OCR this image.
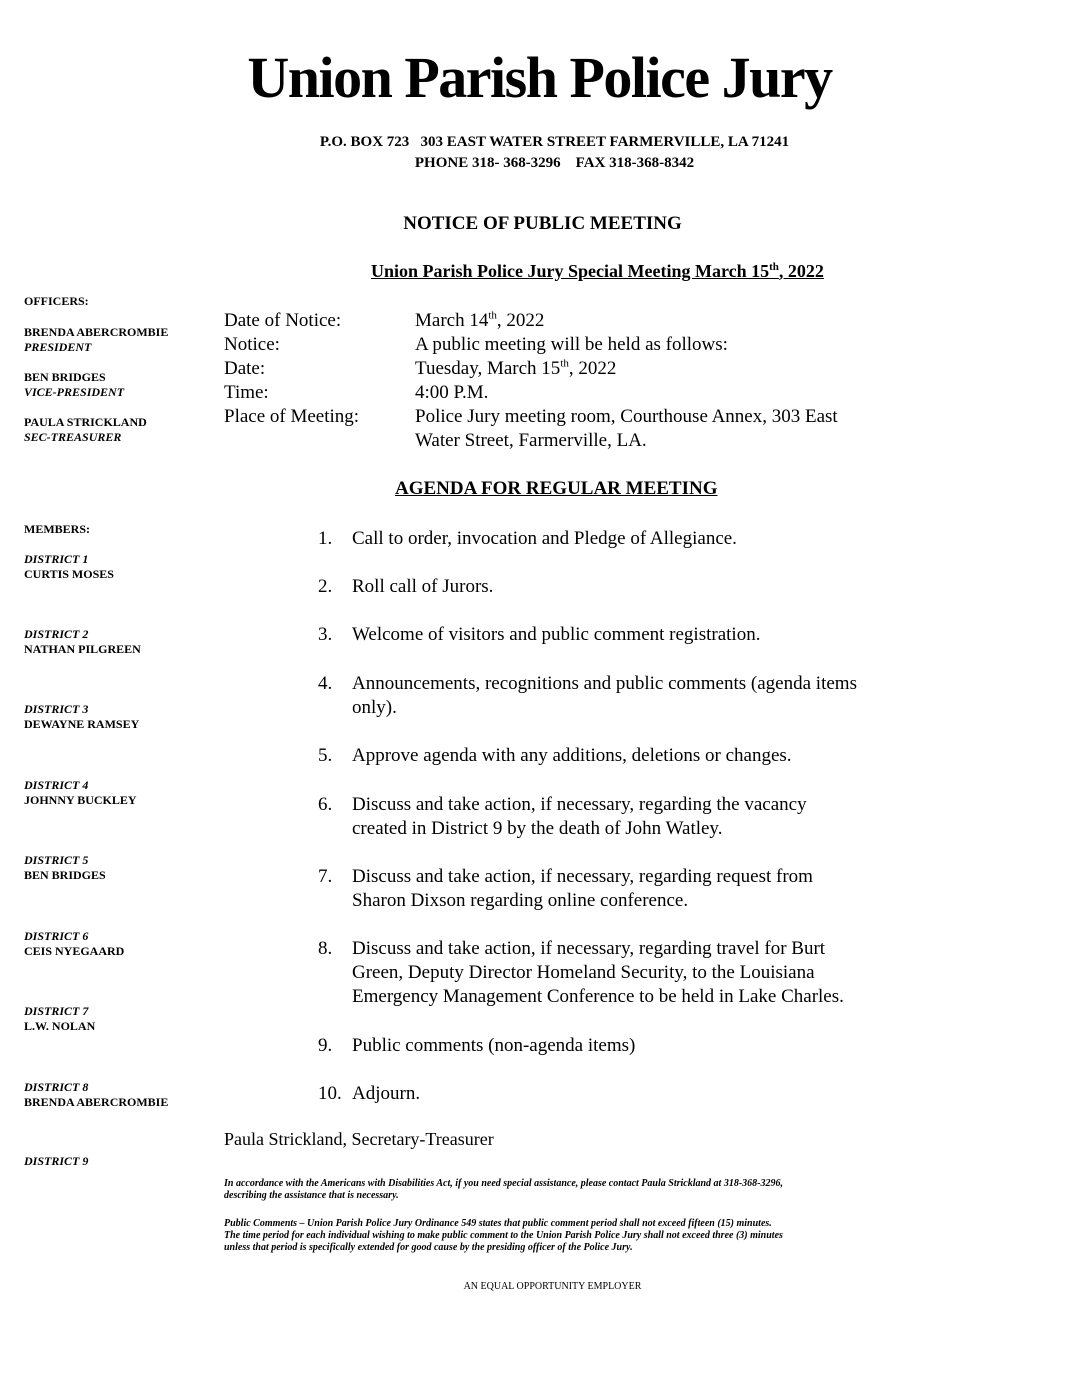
Union Parish Police Jury
P.O. BOX 723   303 EAST WATER STREET FARMERVILLE, LA 71241
PHONE 318- 368-3296    FAX 318-368-8342
NOTICE OF PUBLIC MEETING
Union Parish Police Jury Special Meeting March 15th, 2022
OFFICERS:
BRENDA ABERCROMBIE
PRESIDENT
BEN BRIDGES
VICE-PRESIDENT
PAULA STRICKLAND
SEC-TREASURER
MEMBERS:
DISTRICT 1
CURTIS MOSES
DISTRICT 2
NATHAN PILGREEN
DISTRICT 3
DEWAYNE RAMSEY
DISTRICT 4
JOHNNY BUCKLEY
DISTRICT 5
BEN BRIDGES
DISTRICT 6
CEIS NYEGAARD
DISTRICT 7
L.W. NOLAN
DISTRICT 8
BRENDA ABERCROMBIE
DISTRICT 9
Date of Notice:	March 14th, 2022
Notice:	A public meeting will be held as follows:
Date:	Tuesday, March 15th, 2022
Time:	4:00 P.M.
Place of Meeting:	Police Jury meeting room, Courthouse Annex, 303 East
Water Street, Farmerville, LA.
AGENDA FOR REGULAR MEETING
1.	Call to order, invocation and Pledge of Allegiance.
2.	Roll call of Jurors.
3.	Welcome of visitors and public comment registration.
4.	Announcements, recognitions and public comments (agenda items
only).
5.	Approve agenda with any additions, deletions or changes.
6.	Discuss and take action, if necessary, regarding the vacancy
created in District 9 by the death of John Watley.
7.	Discuss and take action, if necessary, regarding request from
Sharon Dixson regarding online conference.
8.	Discuss and take action, if necessary, regarding travel for Burt
Green, Deputy Director Homeland Security, to the Louisiana
Emergency Management Conference to be held in Lake Charles.
9.	Public comments (non-agenda items)
10. Adjourn.
Paula Strickland, Secretary-Treasurer
In accordance with the Americans with Disabilities Act, if you need special assistance, please contact Paula Strickland at 318-368-3296,
describing the assistance that is necessary.
Public Comments – Union Parish Police Jury Ordinance 549 states that public comment period shall not exceed fifteen (15) minutes.
The time period for each individual wishing to make public comment to the Union Parish Police Jury shall not exceed three (3) minutes
unless that period is specifically extended for good cause by the presiding officer of the Police Jury.
AN EQUAL OPPORTUNITY EMPLOYER
